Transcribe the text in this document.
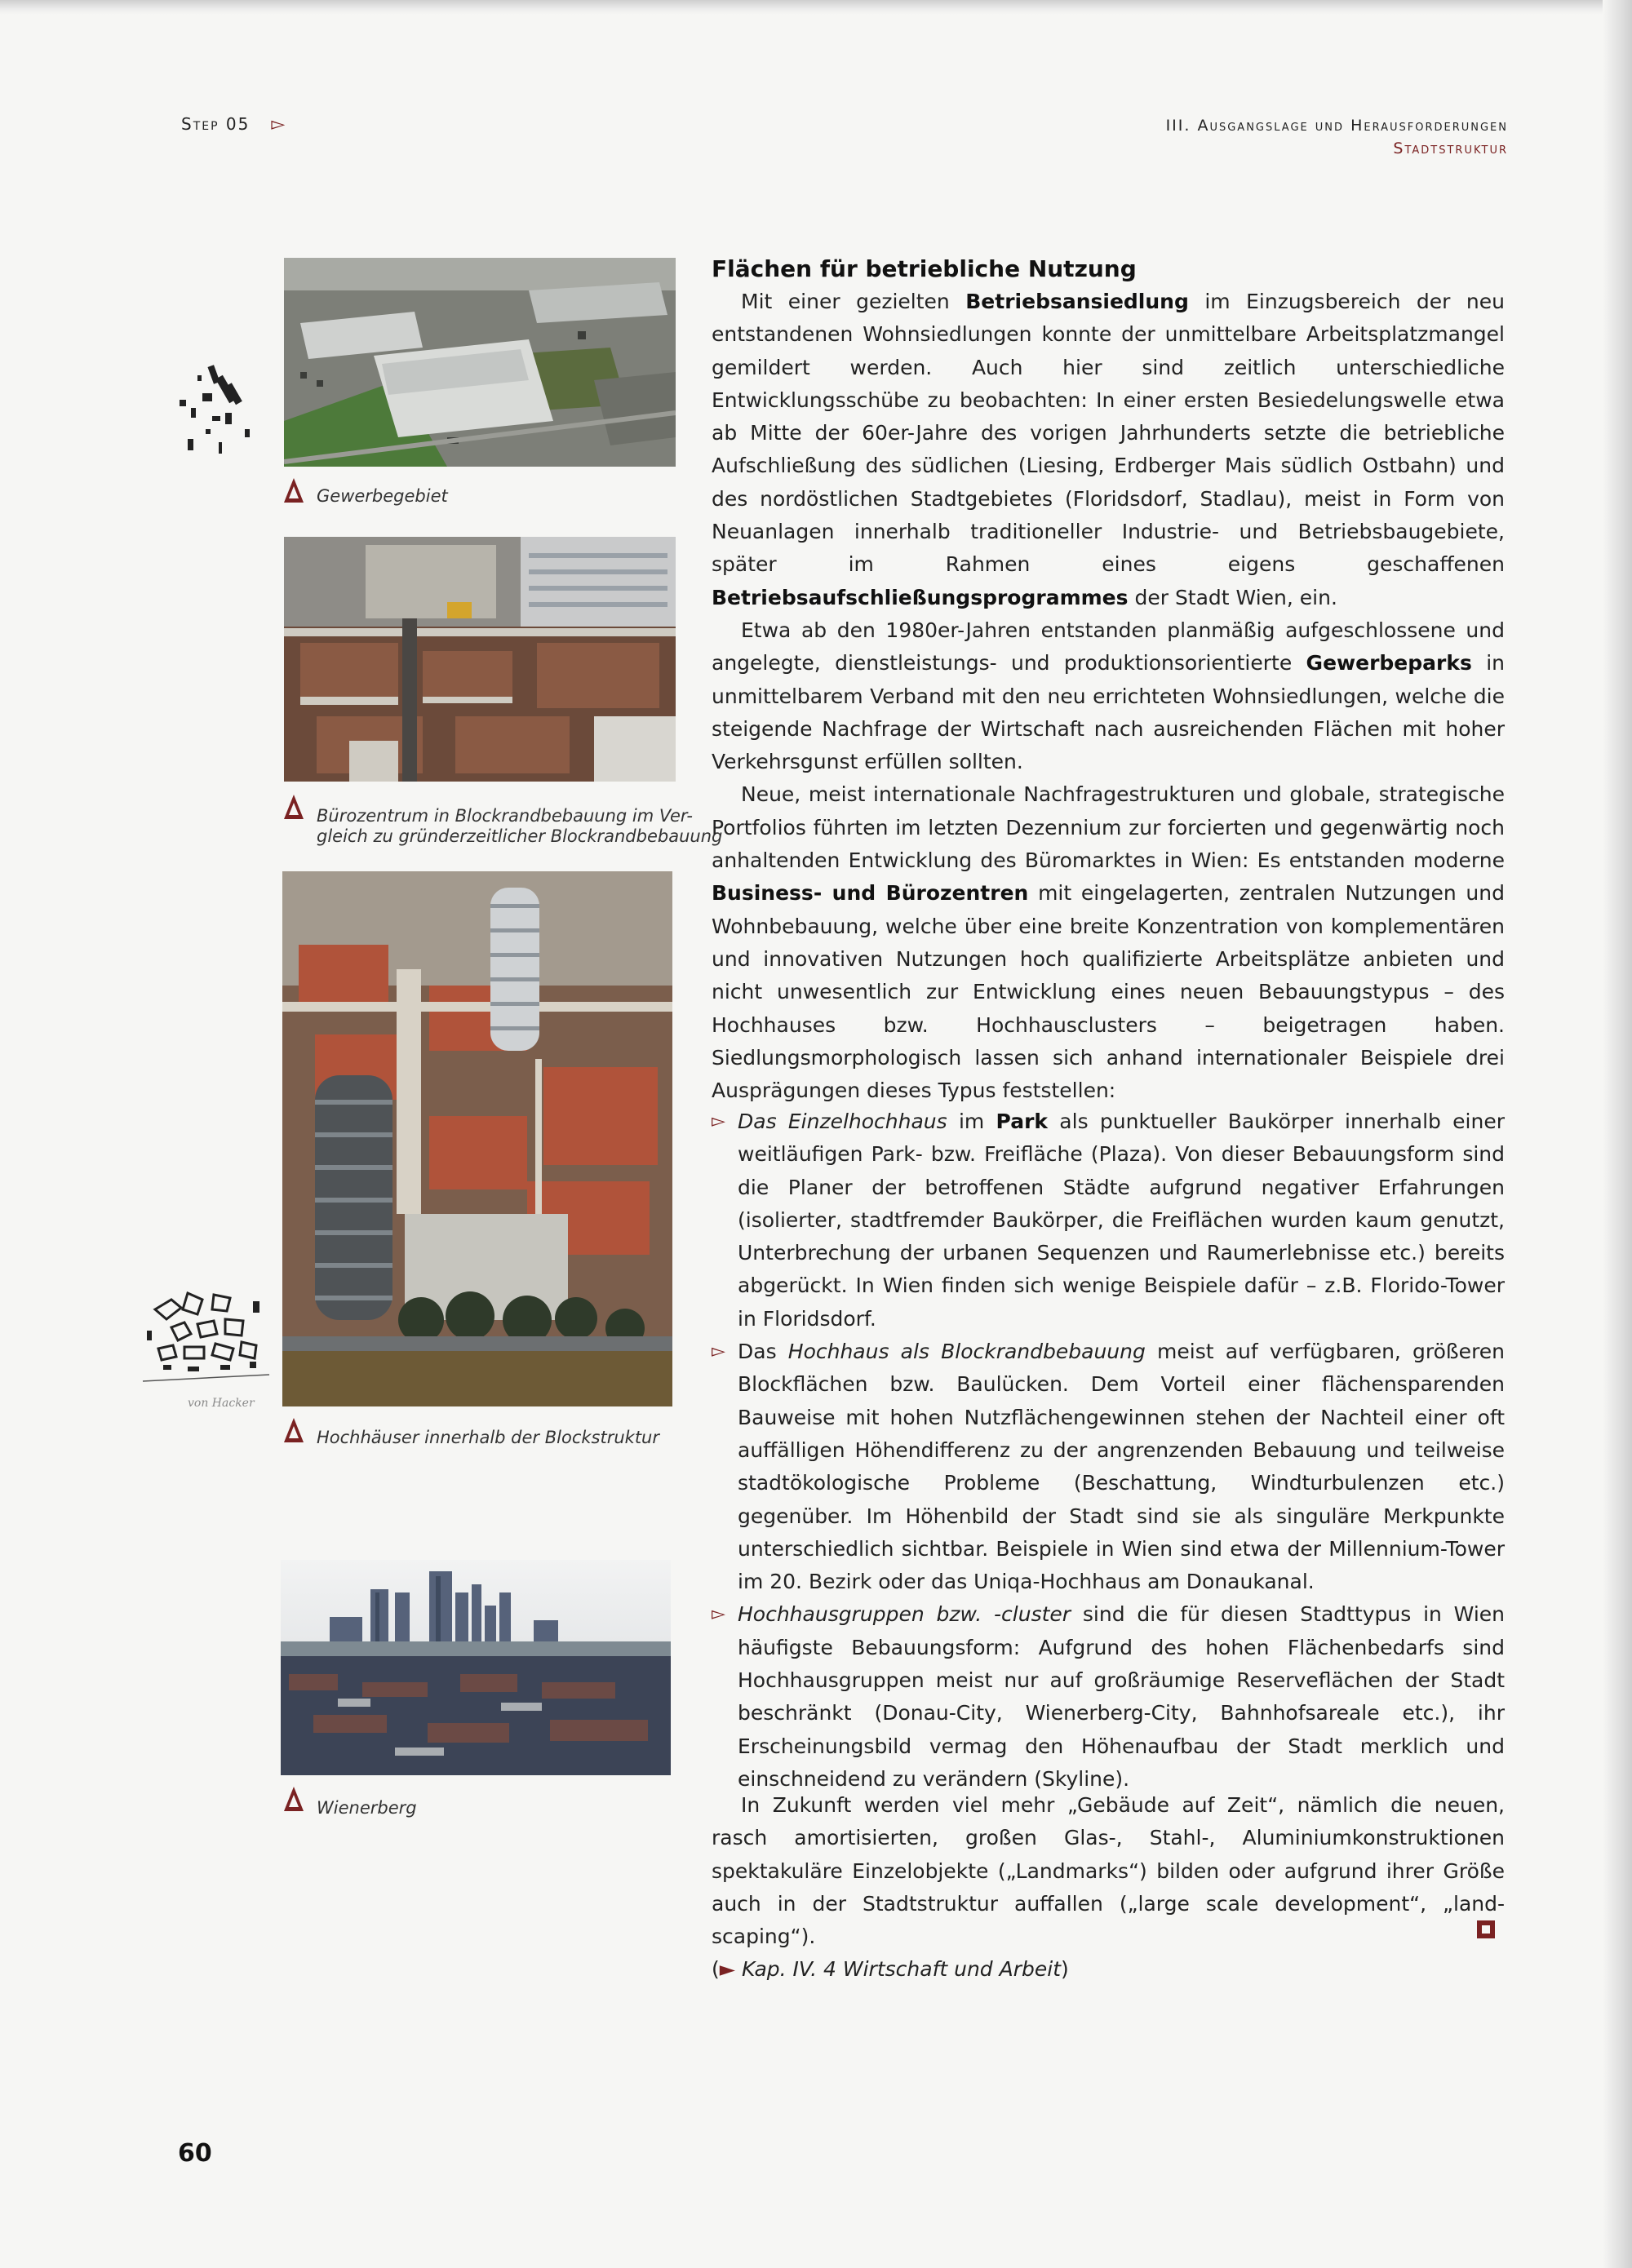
Step 05 ▻	III. Ausgangslage und Herausforderungen
Stadtstruktur
von Hacker
Gewerbegebiet
Bürozentrum in Blockrandbebauung im Ver-
gleich zu gründerzeitlicher Blockrandbebauung
Hochhäuser innerhalb der Blockstruktur
Wienerberg
Flächen für betriebliche Nutzung

Mit einer gezielten Betriebsansiedlung im Einzugsbereich der neu entstandenen Wohnsiedlungen konnte der unmittelbare Arbeitsplatzmangel gemildert werden. Auch hier sind zeitlich unterschiedliche Entwicklungsschübe zu beobachten: In einer ersten Besiedelungswelle etwa ab Mitte der 60er-Jahre des vorigen Jahrhunderts setzte die betriebliche Aufschließung des südlichen (Liesing, Erdberger Mais südlich Ostbahn) und des nordöstlichen Stadtgebietes (Floridsdorf, Stadlau), meist in Form von Neuanlagen innerhalb traditioneller Industrie- und Betriebsbaugebiete, später im Rahmen eines eigens geschaffenen Betriebsaufschließungsprogrammes der Stadt Wien, ein.

Etwa ab den 1980er-Jahren entstanden planmäßig aufgeschlossene und angelegte, dienstleistungs- und produktionsorientierte Gewerbeparks in unmittelbarem Verband mit den neu errichteten Wohnsiedlungen, welche die steigende Nachfrage der Wirtschaft nach ausreichenden Flächen mit hoher Verkehrsgunst erfüllen sollten.

Neue, meist internationale Nachfragestrukturen und globale, strategische Portfolios führten im letzten Dezennium zur forcierten und gegenwärtig noch anhaltenden Entwicklung des Büromarktes in Wien: Es entstanden moderne Business- und Bürozentren mit eingelagerten, zentralen Nutzungen und Wohnbebauung, welche über eine breite Konzentration von komplementären und innovativen Nutzungen hoch qualifizierte Arbeitsplätze anbieten und nicht unwesentlich zur Entwicklung eines neuen Bebauungstypus – des Hochhauses bzw. Hochhausclusters – beigetragen haben. Siedlungsmorphologisch lassen sich anhand internationaler Beispiele drei Ausprägungen dieses Typus feststellen:

▻ Das Einzelhochhaus im Park als punktueller Baukörper innerhalb einer weitläufigen Park- bzw. Freifläche (Plaza). Von dieser Bebauungsform sind die Planer der betroffenen Städte aufgrund negativer Erfahrungen (isolierter, stadtfremder Baukörper, die Freiflächen wurden kaum genutzt, Unterbrechung der urbanen Sequenzen und Raumerlebnisse etc.) bereits abgerückt. In Wien finden sich wenige Beispiele dafür – z.B. Florido-Tower in Floridsdorf.

▻ Das Hochhaus als Blockrandbebauung meist auf verfügbaren, größeren Blockflächen bzw. Baulücken. Dem Vorteil einer flächensparenden Bauweise mit hohen Nutzflächengewinnen stehen der Nachteil einer oft auffälligen Höhendifferenz zu der angrenzenden Bebauung und teilweise stadtökologische Probleme (Beschattung, Windturbulenzen etc.) gegenüber. Im Höhenbild der Stadt sind sie als singuläre Merkpunkte unterschiedlich sichtbar. Beispiele in Wien sind etwa der Millennium-Tower im 20. Bezirk oder das Uniqa-Hochhaus am Donaukanal.

▻ Hochhausgruppen bzw. -cluster sind die für diesen Stadttypus in Wien häufigste Bebauungsform: Aufgrund des hohen Flächenbedarfs sind Hochhausgruppen meist nur auf großräumige Reserveflächen der Stadt beschränkt (Donau-City, Wienerberg-City, Bahnhofsareale etc.), ihr Erscheinungsbild vermag den Höhenaufbau der Stadt merklich und einschneidend zu verändern (Skyline).

In Zukunft werden viel mehr „Gebäude auf Zeit“, nämlich die neuen, rasch amortisierten, großen Glas-, Stahl-, Aluminiumkonstruktionen spektakuläre Einzelobjekte („Landmarks“) bilden oder aufgrund ihrer Größe auch in der Stadtstruktur auffallen („large scale development“, „land-scaping“).

(► Kap. IV. 4 Wirtschaft und Arbeit)

60
